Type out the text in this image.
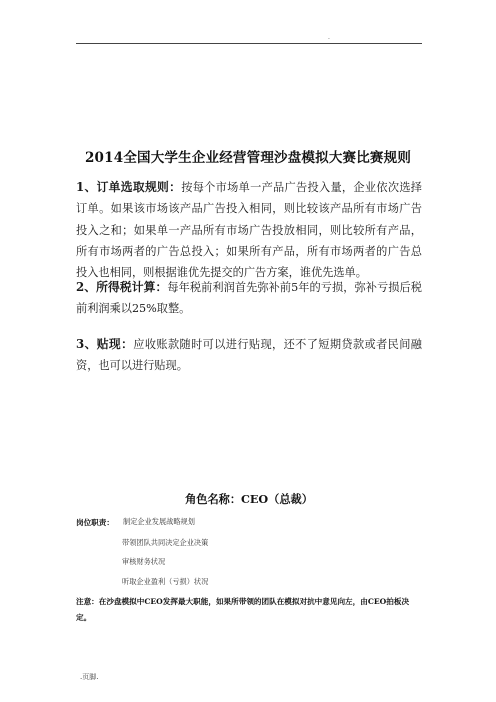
.
2014全国大学生企业经营管理沙盘模拟大赛比赛规则
1、订单选取规则：按每个市场单一产品广告投入量，企业依次选择订单。如果该市场该产品广告投入相同，则比较该产品所有市场广告投入之和；如果单一产品所有市场广告投放相同，则比较所有产品，所有市场两者的广告总投入；如果所有产品，所有市场两者的广告总投入也相同，则根据谁优先提交的广告方案，谁优先选单。
2、所得税计算：每年税前利润首先弥补前5年的亏损，弥补亏损后税前利润乘以25%取整。
3、贴现：应收账款随时可以进行贴现，还不了短期贷款或者民间融资，也可以进行贴现。
角色名称：CEO（总裁）
岗位职责： 制定企业发展战略规划
带领团队共同决定企业决策
审核财务状况
听取企业盈利（亏损）状况
注意：在沙盘模拟中CEO发挥最大职能，如果所带领的团队在模拟对抗中意见向左，由CEO拍板决定。
.页脚.
